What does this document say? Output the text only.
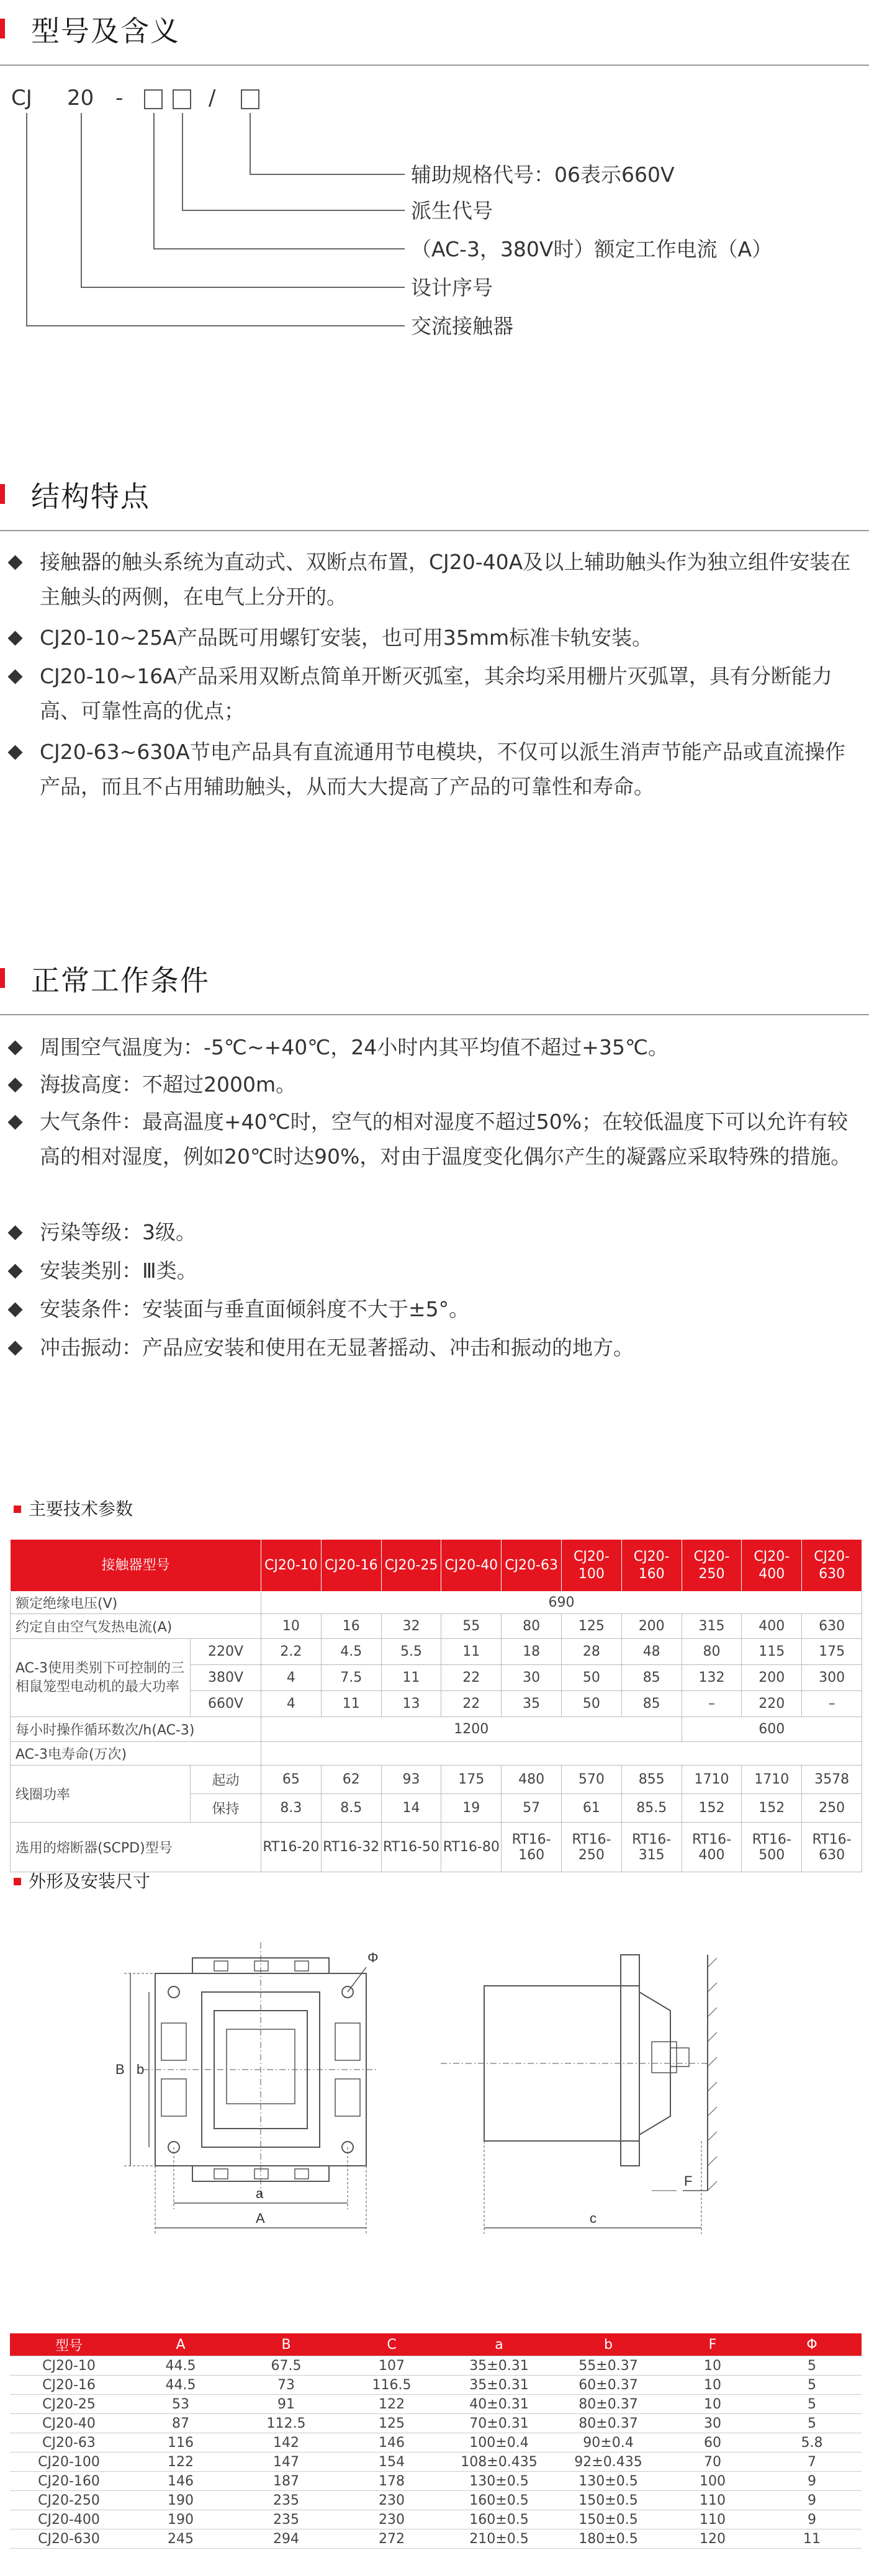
型号及含义
CJ 20 -	/
辅助规格代号：06表示660V
派生代号
（AC-3，380V时）额定工作电流（A）
设计序号
交流接触器
结构特点
接触器的触头系统为直动式、双断点布置，CJ20-40A及以上辅助触头作为独立组件安装在主触头的两侧，在电气上分开的。
CJ20-10~25A产品既可用螺钉安装，也可用35mm标准卡轨安装。
CJ20-10~16A产品采用双断点简单开断灭弧室，其余均采用栅片灭弧罩，具有分断能力高、可靠性高的优点；
CJ20-63~630A节电产品具有直流通用节电模块，不仅可以派生消声节能产品或直流操作产品，而且不占用辅助触头，从而大大提高了产品的可靠性和寿命。
正常工作条件
周围空气温度为：-5℃~+40℃，24小时内其平均值不超过+35℃。
海拔高度：不超过2000m。
大气条件：最高温度+40℃时，空气的相对湿度不超过50%；在较低温度下可以允许有较高的相对湿度，例如20℃时达90%，对由于温度变化偶尔产生的凝露应采取特殊的措施。
污染等级：3级。
安装类别：Ⅲ类。
安装条件：安装面与垂直面倾斜度不大于±5°。
冲击振动：产品应安装和使用在无显著摇动、冲击和振动的地方。
主要技术参数
接触器型号		CJ20-10	CJ20-16	CJ20-25	CJ20-40	CJ20-63	CJ20-100	CJ20-160	CJ20-250	CJ20-400	CJ20-630
额定绝缘电压(V)		690									
约定自由空气发热电流(A)		10	16	32	55	80	125	200	315	400	630
AC-3使用类别下可控制的三相鼠笼型电动机的最大功率	220V	2.2	4.5	5.5	11	18	28	48	80	115	175
	380V	4	7.5	11	22	30	50	85	132	200	300
	660V	4	11	13	22	35	50	85	–	220	–
每小时操作循环数次/h(AC-3)		1200							600		
AC-3电寿命(万次)											
线圈功率	起动	65	62	93	175	480	570	855	1710	1710	3578
	保持	8.3	8.5	14	19	57	61	85.5	152	152	250
选用的熔断器(SCPD)型号		RT16-20	RT16-32	RT16-50	RT16-80	RT16-160	RT16-250	RT16-315	RT16-400	RT16-500	RT16-630
外形及安装尺寸
B b
a
A
Φ
c
F
型号	A	B	C	a	b	F	Φ
CJ20-10	44.5	67.5	107	35±0.31	55±0.37	10	5
CJ20-16	44.5	73	116.5	35±0.31	60±0.37	10	5
CJ20-25	53	91	122	40±0.31	80±0.37	10	5
CJ20-40	87	112.5	125	70±0.31	80±0.37	30	5
CJ20-63	116	142	146	100±0.4	90±0.4	60	5.8
CJ20-100	122	147	154	108±0.435	92±0.435	70	7
CJ20-160	146	187	178	130±0.5	130±0.5	100	9
CJ20-250	190	235	230	160±0.5	150±0.5	110	9
CJ20-400	190	235	230	160±0.5	150±0.5	110	9
CJ20-630	245	294	272	210±0.5	180±0.5	120	11
